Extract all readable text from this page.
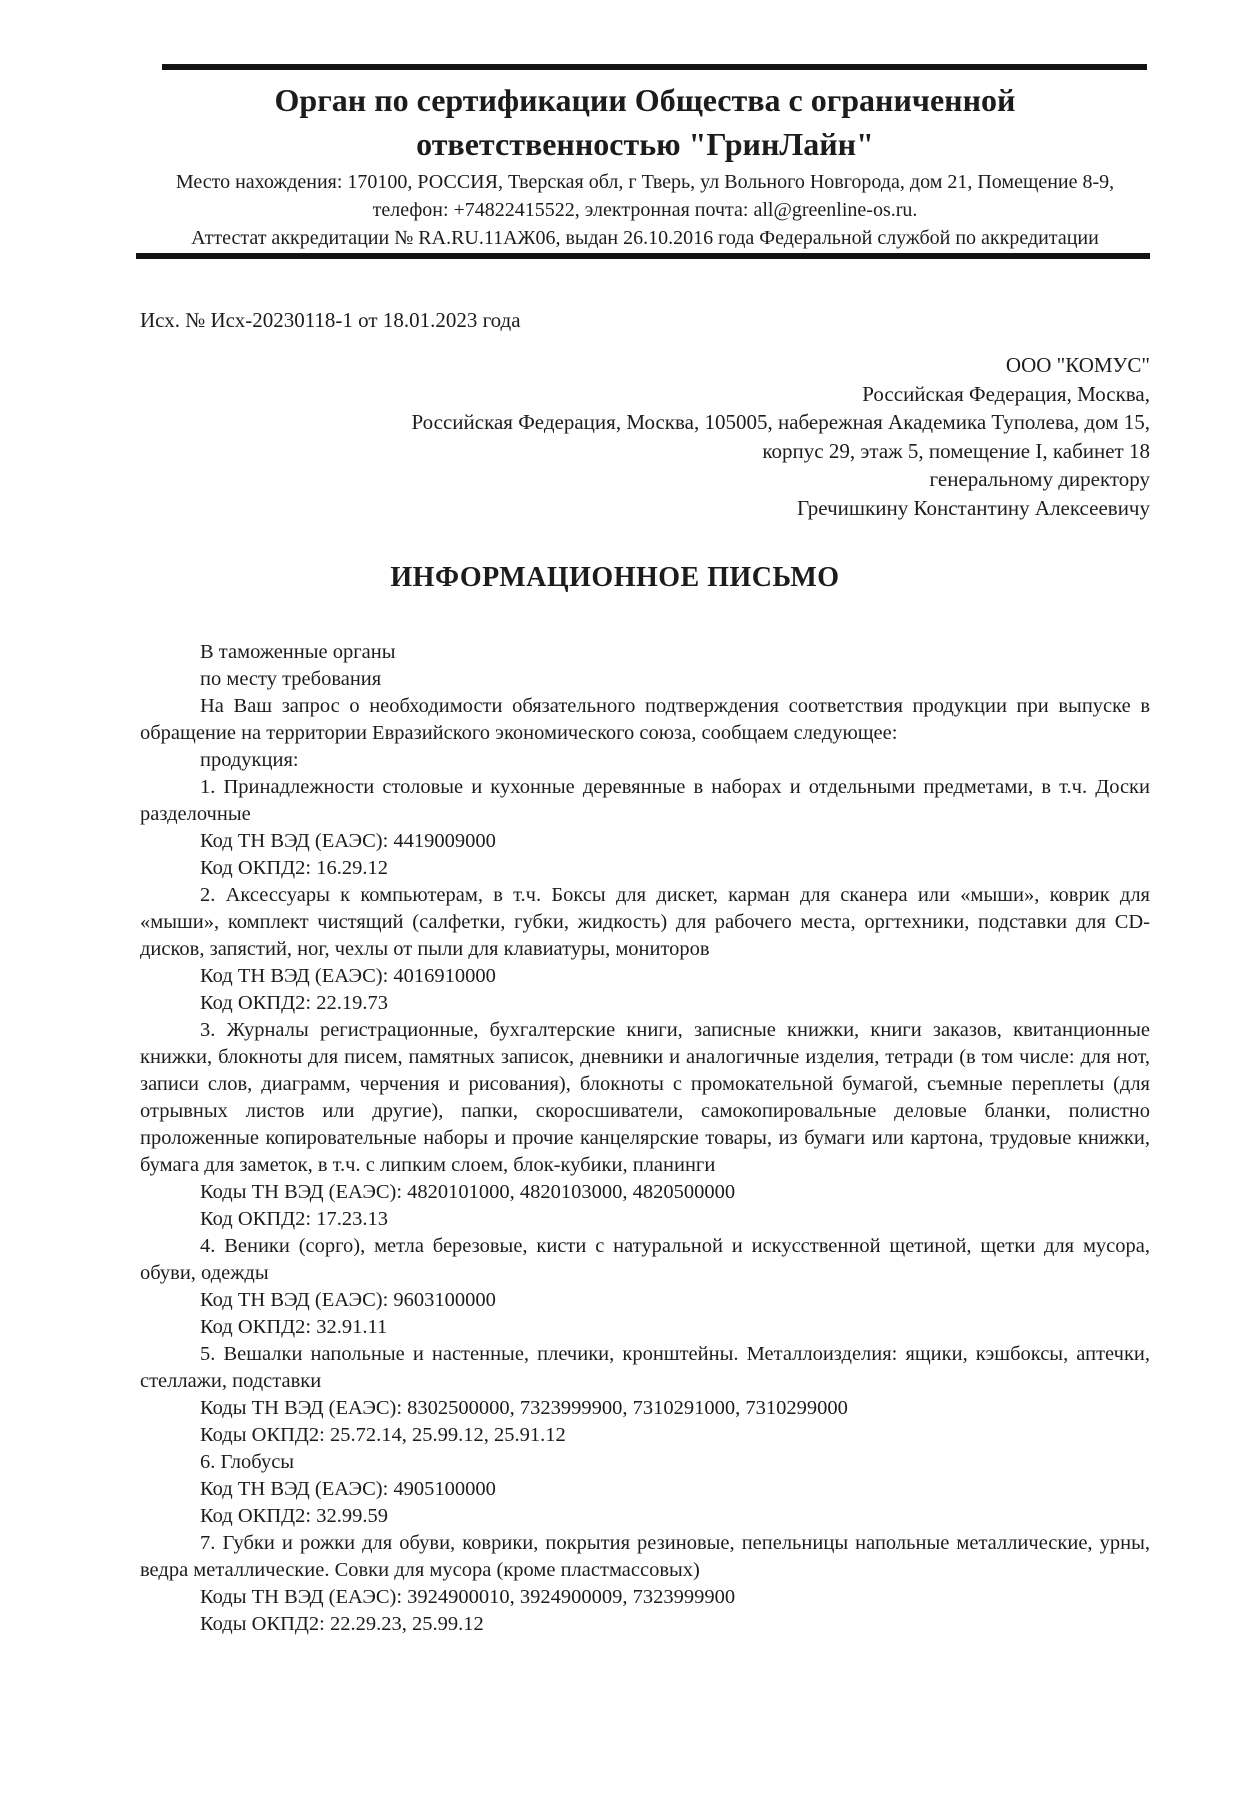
Орган по сертификации Общества с ограниченной
ответственностью "ГринЛайн"
Место нахождения: 170100, РОССИЯ, Тверская обл, г Тверь, ул Вольного Новгорода, дом 21, Помещение 8-9,
телефон: +74822415522, электронная почта: all@greenline-os.ru.
Аттестат аккредитации № RA.RU.11АЖ06, выдан 26.10.2016 года Федеральной службой по аккредитации
Исх. № Исх-20230118-1 от 18.01.2023 года
ООО "КОМУС"
Российская Федерация, Москва,
Российская Федерация, Москва, 105005, набережная Академика Туполева, дом 15,
корпус 29, этаж 5, помещение I, кабинет 18
генеральному директору
Гречишкину Константину Алексеевичу
ИНФОРМАЦИОННОЕ ПИСЬМО
В таможенные органы
по месту требования

На Ваш запрос о необходимости обязательного подтверждения соответствия продукции при выпуске в обращение на территории Евразийского экономического союза, сообщаем следующее:

продукция:

1. Принадлежности столовые и кухонные деревянные в наборах и отдельными предметами, в т.ч. Доски разделочные

Код ТН ВЭД (ЕАЭС): 4419009000
Код ОКПД2: 16.29.12

2. Аксессуары к компьютерам, в т.ч. Боксы для дискет, карман для сканера или «мыши», коврик для «мыши», комплект чистящий (салфетки, губки, жидкость) для рабочего места, оргтехники, подставки для CD-дисков, запястий, ног, чехлы от пыли для клавиатуры, мониторов

Код ТН ВЭД (ЕАЭС): 4016910000
Код ОКПД2: 22.19.73

3. Журналы регистрационные, бухгалтерские книги, записные книжки, книги заказов, квитанционные книжки, блокноты для писем, памятных записок, дневники и аналогичные изделия, тетради (в том числе: для нот, записи слов, диаграмм, черчения и рисования), блокноты с промокательной бумагой, съемные переплеты (для отрывных листов или другие), папки, скоросшиватели, самокопировальные деловые бланки, полистно проложенные копировательные наборы и прочие канцелярские товары, из бумаги или картона, трудовые книжки, бумага для заметок, в т.ч. с липким слоем, блок-кубики, планинги

Коды ТН ВЭД (ЕАЭС): 4820101000, 4820103000, 4820500000
Код ОКПД2: 17.23.13

4. Веники (сорго), метла березовые, кисти с натуральной и искусственной щетиной, щетки для мусора, обуви, одежды

Код ТН ВЭД (ЕАЭС): 9603100000
Код ОКПД2: 32.91.11

5. Вешалки напольные и настенные, плечики, кронштейны. Металлоизделия: ящики, кэшбоксы, аптечки, стеллажи, подставки

Коды ТН ВЭД (ЕАЭС): 8302500000, 7323999900, 7310291000, 7310299000
Коды ОКПД2: 25.72.14, 25.99.12, 25.91.12

6. Глобусы

Код ТН ВЭД (ЕАЭС): 4905100000
Код ОКПД2: 32.99.59

7. Губки и рожки для обуви, коврики, покрытия резиновые, пепельницы напольные металлические, урны, ведра металлические. Совки для мусора (кроме пластмассовых)

Коды ТН ВЭД (ЕАЭС): 3924900010, 3924900009, 7323999900
Коды ОКПД2: 22.29.23, 25.99.12
